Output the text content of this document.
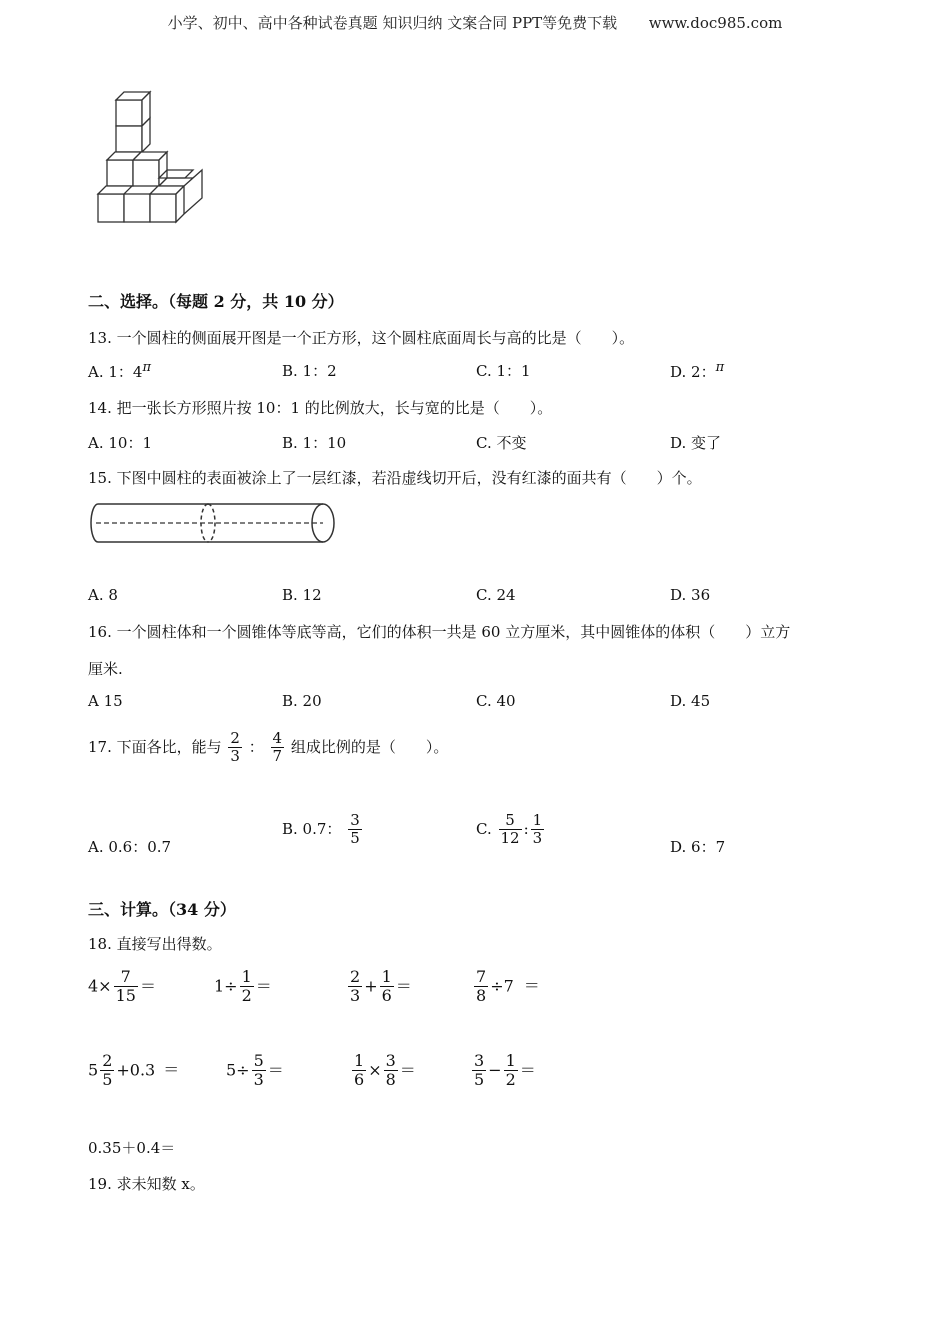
小学、初中、高中各种试卷真题 知识归纳 文案合同 PPT等免费下载 www.doc985.com
二、选择。（每题 2 分，共 10 分）
13. 一个圆柱的侧面展开图是一个正方形，这个圆柱底面周长与高的比是（　　）。
A. 1：4π	B. 1：2	C. 1：1	D. 2：π
14. 把一张长方形照片按 10：1 的比例放大，长与宽的比是（　　）。
A. 10：1	B. 1：10	C. 不变	D. 变了
15. 下图中圆柱的表面被涂上了一层红漆，若沿虚线切开后，没有红漆的面共有（　　）个。
A. 8	B. 12	C. 24	D. 36
16. 一个圆柱体和一个圆锥体等底等高，它们的体积一共是 60 立方厘米，其中圆锥体的体积（　　）立方
厘米.
A 15	B. 20	C. 40	D. 45
17. 下面各比，能与 $\frac{2}{3}$ ： $\frac{4}{7}$ 组成比例的是（　　）。
A. 0.6：0.7
B. 0.7： $\frac{3}{5}$	C. $\frac{5}{12}$ : $\frac{1}{3}$	D. 6：7
三、计算。（34 分）
18. 直接写出得数。
$4\times \frac{7}{15}$ ＝	$1\div \frac{1}{2}$ ＝	$\frac{2}{3} + \frac{1}{6}$ ＝	$\frac{7}{8} \div 7$ ＝
$5 \frac{2}{5} +0.3$ ＝	$5\div \frac{5}{3}$ ＝	$\frac{1}{6} \times \frac{3}{8}$ ＝	$\frac{3}{5} - \frac{1}{2}$ ＝
0.35＋0.4＝
19. 求未知数 x。
